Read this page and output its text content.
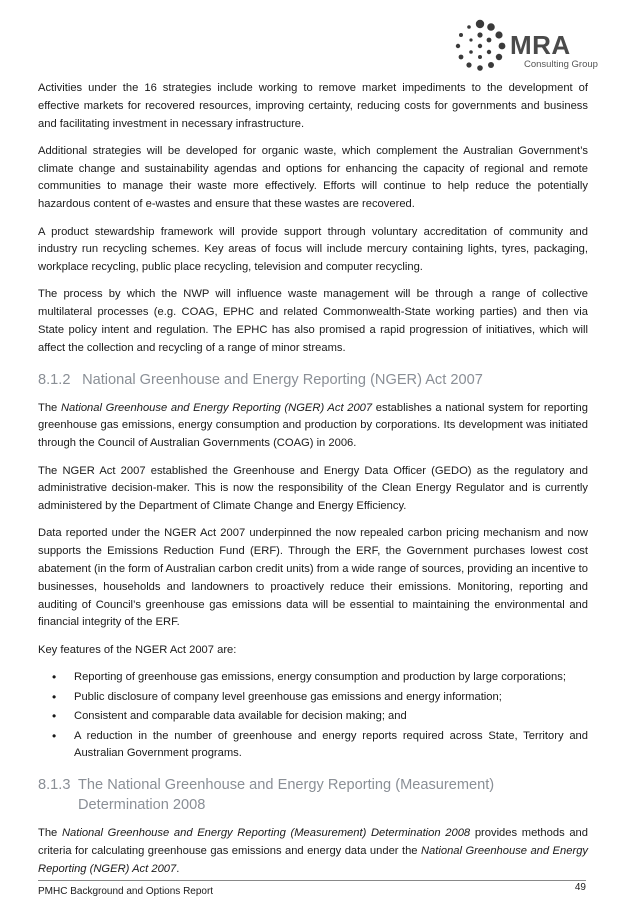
MRA
Consulting Group

Activities under the 16 strategies include working to remove market impediments to the development of effective markets for recovered resources, improving certainty, reducing costs for governments and business and facilitating investment in necessary infrastructure.

Additional strategies will be developed for organic waste, which complement the Australian Government’s climate change and sustainability agendas and options for enhancing the capacity of regional and remote communities to manage their waste more effectively. Efforts will continue to help reduce the potentially hazardous content of e-wastes and ensure that these wastes are recovered.

A product stewardship framework will provide support through voluntary accreditation of community and industry run recycling schemes. Key areas of focus will include mercury containing lights, tyres, packaging, workplace recycling, public place recycling, television and computer recycling.

The process by which the NWP will influence waste management will be through a range of collective multilateral processes (e.g. COAG, EPHC and related Commonwealth-State working parties) and then via State policy intent and regulation. The EPHC has also promised a rapid progression of initiatives, which will affect the collection and recycling of a range of minor streams.

8.1.2 National Greenhouse and Energy Reporting (NGER) Act 2007

The National Greenhouse and Energy Reporting (NGER) Act 2007 establishes a national system for reporting greenhouse gas emissions, energy consumption and production by corporations. Its development was initiated through the Council of Australian Governments (COAG) in 2006.

The NGER Act 2007 established the Greenhouse and Energy Data Officer (GEDO) as the regulatory and administrative decision-maker. This is now the responsibility of the Clean Energy Regulator and is currently administered by the Department of Climate Change and Energy Efficiency.

Data reported under the NGER Act 2007 underpinned the now repealed carbon pricing mechanism and now supports the Emissions Reduction Fund (ERF). Through the ERF, the Government purchases lowest cost abatement (in the form of Australian carbon credit units) from a wide range of sources, providing an incentive to businesses, households and landowners to proactively reduce their emissions. Monitoring, reporting and auditing of Council’s greenhouse gas emissions data will be essential to maintaining the environmental and financial integrity of the ERF.

Key features of the NGER Act 2007 are:

• Reporting of greenhouse gas emissions, energy consumption and production by large corporations;
• Public disclosure of company level greenhouse gas emissions and energy information;
• Consistent and comparable data available for decision making; and
• A reduction in the number of greenhouse and energy reports required across State, Territory and Australian Government programs.
8.1.3 The National Greenhouse and Energy Reporting (Measurement) Determination 2008

The National Greenhouse and Energy Reporting (Measurement) Determination 2008 provides methods and criteria for calculating greenhouse gas emissions and energy data under the National Greenhouse and Energy Reporting (NGER) Act 2007.

PMHC Background and Options Report	49
